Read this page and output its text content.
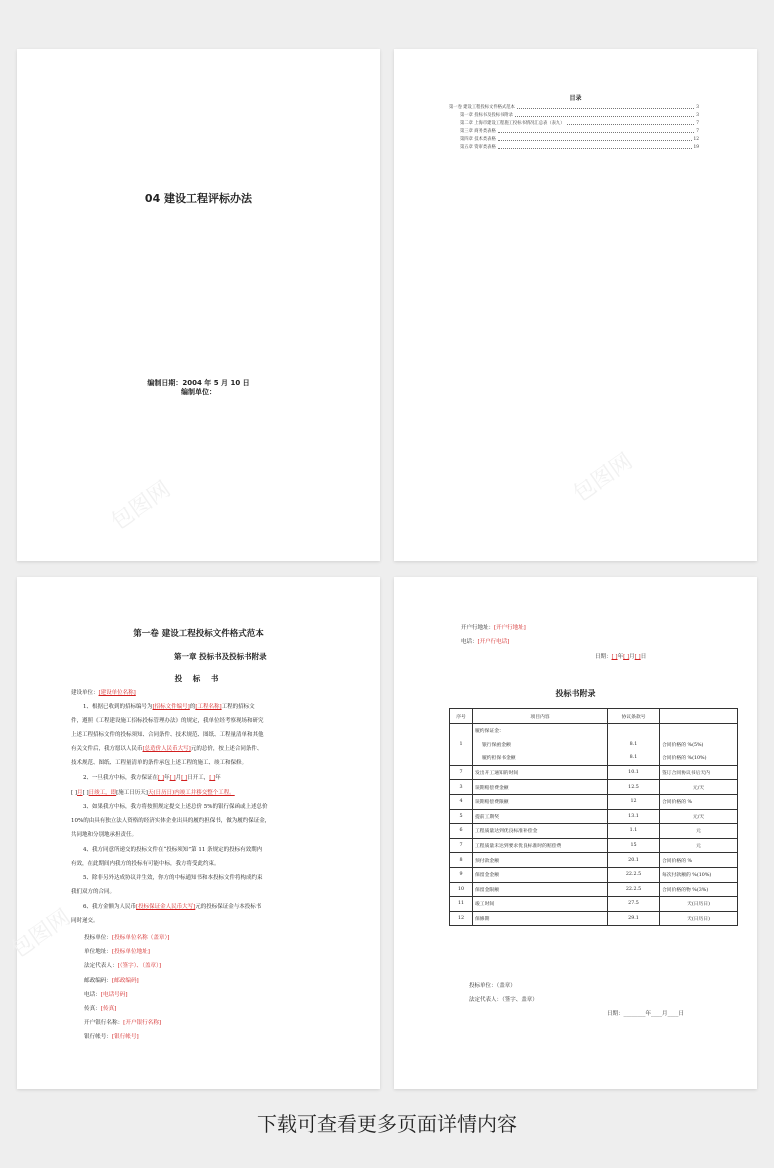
包图网
04 建设工程评标办法
编制日期：2004 年 5 月 10 日
编制单位：
包图网
目录
第一卷 建设工程投标文件格式范本	3
第一章 投标书及投标书附录	3
第二章 上海市建设工程施工投标书情况汇总表（表九）	7
第三章 商务类表格	7
第四章 技术类表格	12
第五章 资审类表格	19
包图网
第一卷 建设工程投标文件格式范本
第一章 投标书及投标书附录
投 标 书
建设单位：[建设单位名称]
1、根据已收到的招标编号为[招标文件编号]的[工程名称]工程的招标文
件，遵照《工程建设施工招标投标管理办法》的规定，我单位经考察现场和研究
上述工程招标文件的投标须知、合同条件、技术规范、图纸、工程量清单和其他
有关文件后，我方愿以人民币[总造价人民币大写]元的总价，按上述合同条件、
技术规范、图纸、工程量清单的条件承包上述工程的施工、竣工和保修。
2、一旦我方中标，我方保证在[ ]年[ ]月[ ]日开工，[ ]年
[ ]月[ ]日竣工，即[施工日历天]天(日历日)内竣工并移交整个工程。
3、如果我方中标，我方将按照规定提交上述总价 5%的银行保函或上述总价
10%的由具有独立法人资格的经济实体企业出具的履约担保书，做为履约保证金，
共同地和分别地承担责任。
4、我方同意所递交的投标文件在“投标须知”第 11 条规定的投标有效期内
有效，在此期间内我方的投标有可能中标，我方将受此约束。
5、除非另外达成协议并生效，你方的中标通知书和本投标文件将构成约束
我们双方的合同。
6、我方金额为人民币[投标保证金人民币大写]元的投标保证金与本投标书
同时递交。
投标单位：[投标单位名称（盖章）]
单位地址：[投标单位地址]
法定代表人：[（签字）、（盖章）]
邮政编码：[邮政编码]
电话：[电话号码]
传真：[传真]
开户银行名称：[开户银行名称]
银行帐号：[银行帐号]
开户行地址：[开户行地址]
电话：[开户行电话]
日期：[ ]年[ ]月[ ]日
投标书附录
序号	项目内容	协议条款号	
1	履约保证金：		
	银行保函金额	8.1	合同价格的 %(5%)
	履约担保书金额	8.1	合同价格的 %(10%)
7	发出开工通知的时间	10.1	签订合同协议书后天内
3	误期赔偿费金额	12.5	元/天
4	误期赔偿费限额	12	合同价格的 %
5	提前工期奖	13.1	元/天
6	工程质量达到优良标准补偿金	1.1	元
7	工程质量未达到要求优良标准时的赔偿费	15	元
8	预付款金额	20.1	合同价格的 %
9	保留金金额	22.2.5	每次付款额的 %(10%)
10	保留金限额	22.2.5	合同价格的物 %(3%)
11	竣工时间	27.5	天(日历日)
12	保修期	29.1	天(日历日)
投标单位：（盖章）
法定代表人：（签字、盖章）
日期：________年____月____日
下载可查看更多页面详情内容
